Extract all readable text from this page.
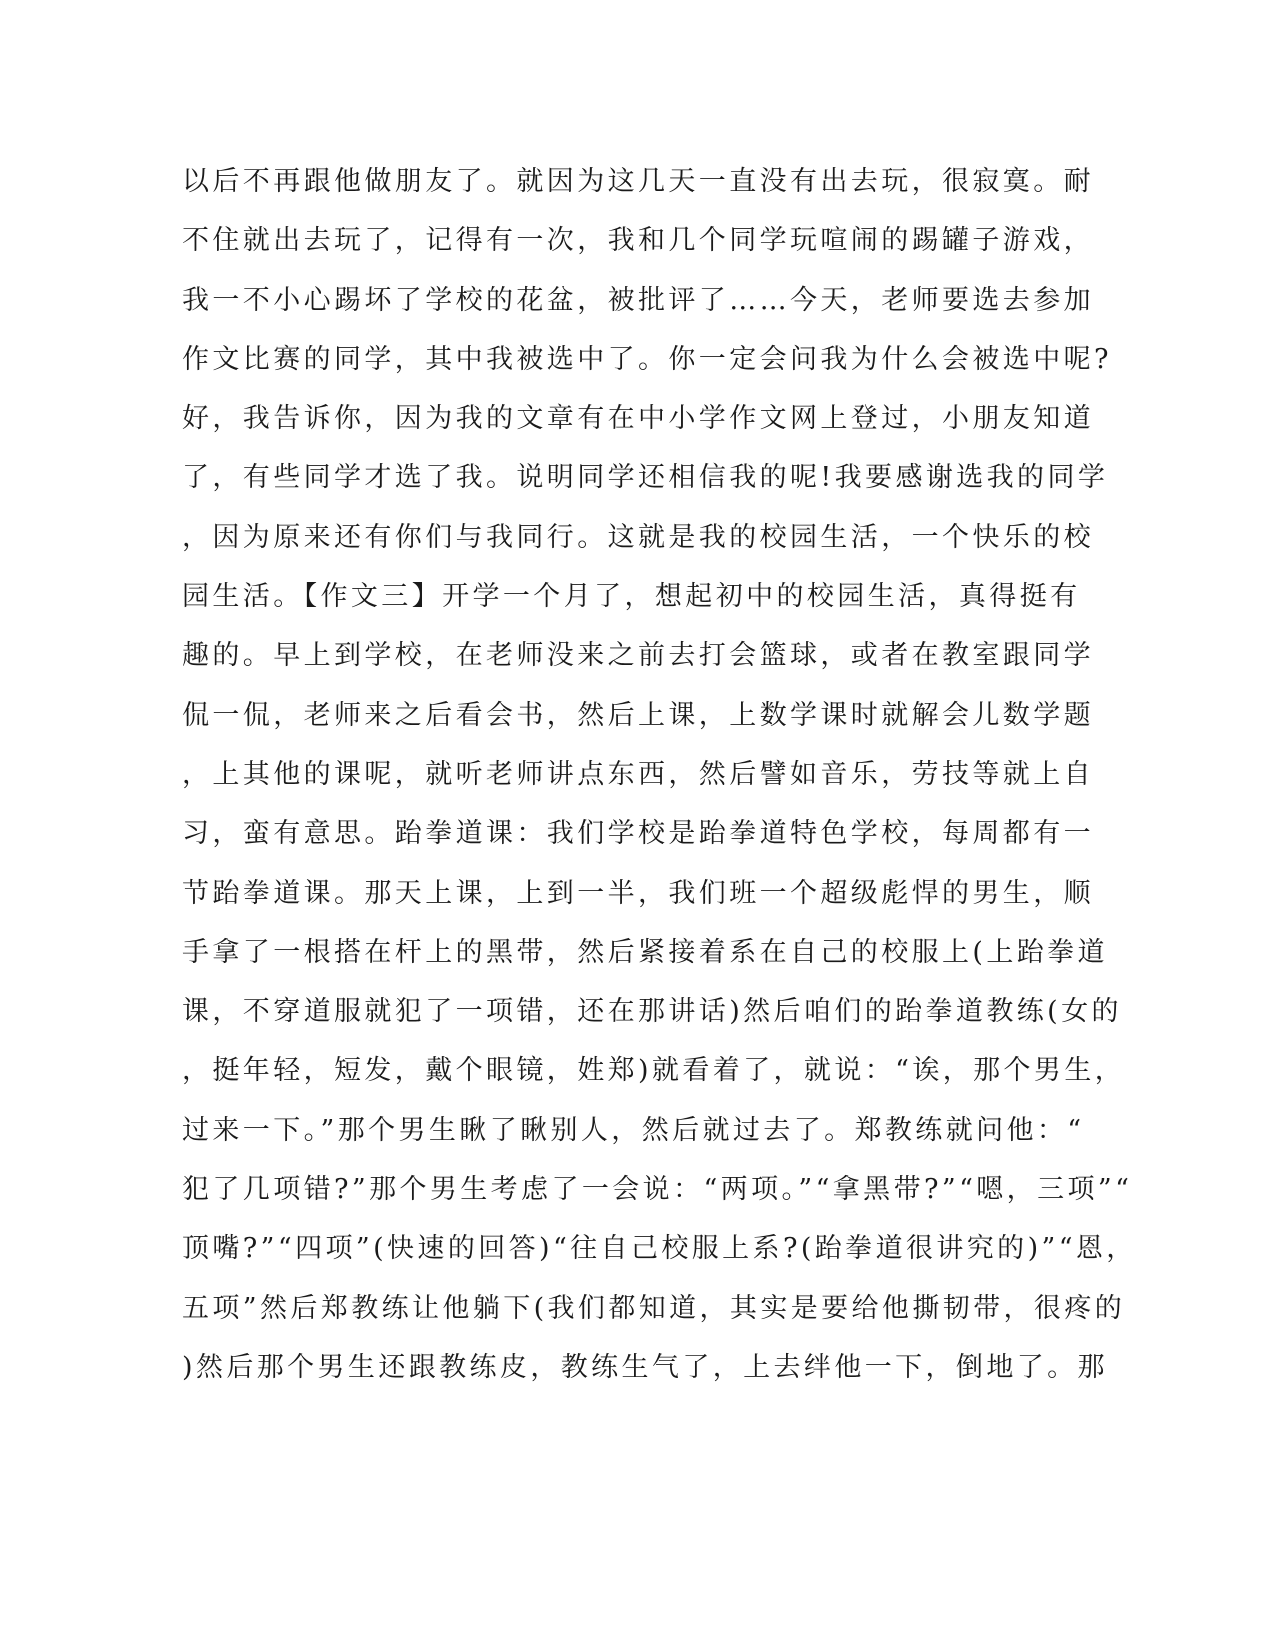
以后不再跟他做朋友了。就因为这几天一直没有出去玩，很寂寞。耐
不住就出去玩了，记得有一次，我和几个同学玩喧闹的踢罐子游戏，
我一不小心踢坏了学校的花盆，被批评了……今天，老师要选去参加
作文比赛的同学，其中我被选中了。你一定会问我为什么会被选中呢?
好，我告诉你，因为我的文章有在中小学作文网上登过，小朋友知道
了，有些同学才选了我。说明同学还相信我的呢!我要感谢选我的同学
，因为原来还有你们与我同行。这就是我的校园生活，一个快乐的校
园生活。【作文三】开学一个月了，想起初中的校园生活，真得挺有
趣的。早上到学校，在老师没来之前去打会篮球，或者在教室跟同学
侃一侃，老师来之后看会书，然后上课，上数学课时就解会儿数学题
，上其他的课呢，就听老师讲点东西，然后譬如音乐，劳技等就上自
习，蛮有意思。跆拳道课：我们学校是跆拳道特色学校，每周都有一
节跆拳道课。那天上课，上到一半，我们班一个超级彪悍的男生，顺
手拿了一根搭在杆上的黑带，然后紧接着系在自己的校服上(上跆拳道
课，不穿道服就犯了一项错，还在那讲话)然后咱们的跆拳道教练(女的
，挺年轻，短发，戴个眼镜，姓郑)就看着了，就说：“诶，那个男生，
过来一下。”那个男生瞅了瞅别人，然后就过去了。郑教练就问他：“
犯了几项错?”那个男生考虑了一会说：“两项。”“拿黑带?”“嗯，三项”“
顶嘴?”“四项”(快速的回答)“往自己校服上系?(跆拳道很讲究的)”“恩，
五项”然后郑教练让他躺下(我们都知道，其实是要给他撕韧带，很疼的
)然后那个男生还跟教练皮，教练生气了，上去绊他一下，倒地了。那
